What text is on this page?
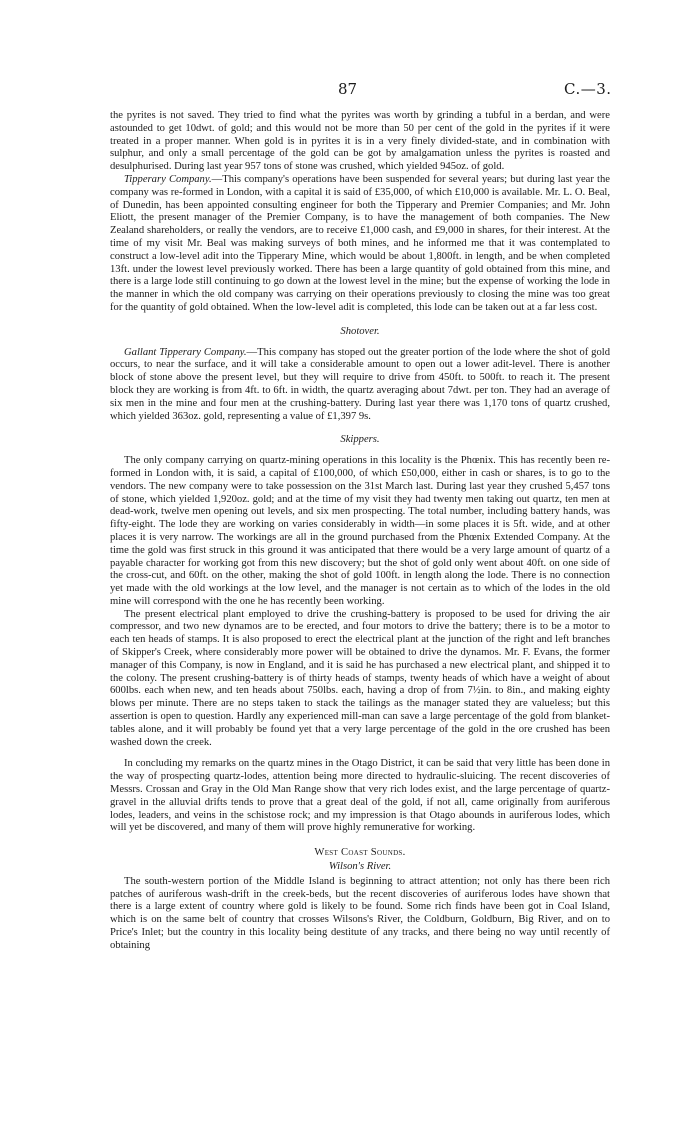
87	C.—3.

the pyrites is not saved. They tried to find what the pyrites was worth by grinding a tubful in a berdan, and were astounded to get 10dwt. of gold; and this would not be more than 50 per cent of the gold in the pyrites if it were treated in a proper manner. When gold is in pyrites it is in a very finely divided-state, and in combination with sulphur, and only a small percentage of the gold can be got by amalgamation unless the pyrites is roasted and desulphurised. During last year 957 tons of stone was crushed, which yielded 945oz. of gold.

Tipperary Company.—This company's operations have been suspended for several years; but during last year the company was re-formed in London, with a capital it is said of £35,000, of which £10,000 is available. Mr. L. O. Beal, of Dunedin, has been appointed consulting engineer for both the Tipperary and Premier Companies; and Mr. John Eliott, the present manager of the Premier Company, is to have the management of both companies. The New Zealand shareholders, or really the vendors, are to receive £1,000 cash, and £9,000 in shares, for their interest. At the time of my visit Mr. Beal was making surveys of both mines, and he informed me that it was contemplated to construct a low-level adit into the Tipperary Mine, which would be about 1,800ft. in length, and be when completed 13ft. under the lowest level previously worked. There has been a large quantity of gold obtained from this mine, and there is a large lode still continuing to go down at the lowest level in the mine; but the expense of working the lode in the manner in which the old company was carrying on their operations previously to closing the mine was too great for the quantity of gold obtained. When the low-level adit is completed, this lode can be taken out at a far less cost.

Shotover.

Gallant Tipperary Company.—This company has stoped out the greater portion of the lode where the shot of gold occurs, to near the surface, and it will take a considerable amount to open out a lower adit-level. There is another block of stone above the present level, but they will require to drive from 450ft. to 500ft. to reach it. The present block they are working is from 4ft. to 6ft. in width, the quartz averaging about 7dwt. per ton. They had an average of six men in the mine and four men at the crushing-battery. During last year there was 1,170 tons of quartz crushed, which yielded 363oz. gold, representing a value of £1,397 9s.

Skippers.

The only company carrying on quartz-mining operations in this locality is the Phœnix. This has recently been re-formed in London with, it is said, a capital of £100,000, of which £50,000, either in cash or shares, is to go to the vendors. The new company were to take possession on the 31st March last. During last year they crushed 5,457 tons of stone, which yielded 1,920oz. gold; and at the time of my visit they had twenty men taking out quartz, ten men at dead-work, twelve men opening out levels, and six men prospecting. The total number, including battery hands, was fifty-eight. The lode they are working on varies considerably in width—in some places it is 5ft. wide, and at other places it is very narrow. The workings are all in the ground purchased from the Phœnix Extended Company. At the time the gold was first struck in this ground it was anticipated that there would be a very large amount of quartz of a payable character for working got from this new discovery; but the shot of gold only went about 40ft. on one side of the cross-cut, and 60ft. on the other, making the shot of gold 100ft. in length along the lode. There is no connection yet made with the old workings at the low level, and the manager is not certain as to which of the lodes in the old mine will correspond with the one he has recently been working.

The present electrical plant employed to drive the crushing-battery is proposed to be used for driving the air compressor, and two new dynamos are to be erected, and four motors to drive the battery; there is to be a motor to each ten heads of stamps. It is also proposed to erect the electrical plant at the junction of the right and left branches of Skipper's Creek, where considerably more power will be obtained to drive the dynamos. Mr. F. Evans, the former manager of this Company, is now in England, and it is said he has purchased a new electrical plant, and shipped it to the colony. The present crushing-battery is of thirty heads of stamps, twenty heads of which have a weight of about 600lbs. each when new, and ten heads about 750lbs. each, having a drop of from 7½in. to 8in., and making eighty blows per minute. There are no steps taken to stack the tailings as the manager stated they are valueless; but this assertion is open to question. Hardly any experienced mill-man can save a large percentage of the gold from blanket-tables alone, and it will probably be found yet that a very large percentage of the gold in the ore crushed has been washed down the creek.

In concluding my remarks on the quartz mines in the Otago District, it can be said that very little has been done in the way of prospecting quartz-lodes, attention being more directed to hydraulic-sluicing. The recent discoveries of Messrs. Crossan and Gray in the Old Man Range show that very rich lodes exist, and the large percentage of quartz-gravel in the alluvial drifts tends to prove that a great deal of the gold, if not all, came originally from auriferous lodes, leaders, and veins in the schistose rock; and my impression is that Otago abounds in auriferous lodes, which will yet be discovered, and many of them will prove highly remunerative for working.

West Coast Sounds.
Wilson's River.

The south-western portion of the Middle Island is beginning to attract attention; not only has there been rich patches of auriferous wash-drift in the creek-beds, but the recent discoveries of auriferous lodes have shown that there is a large extent of country where gold is likely to be found. Some rich finds have been got in Coal Island, which is on the same belt of country that crosses Wilsons's River, the Coldburn, Goldburn, Big River, and on to Price's Inlet; but the country in this locality being destitute of any tracks, and there being no way until recently of obtaining
